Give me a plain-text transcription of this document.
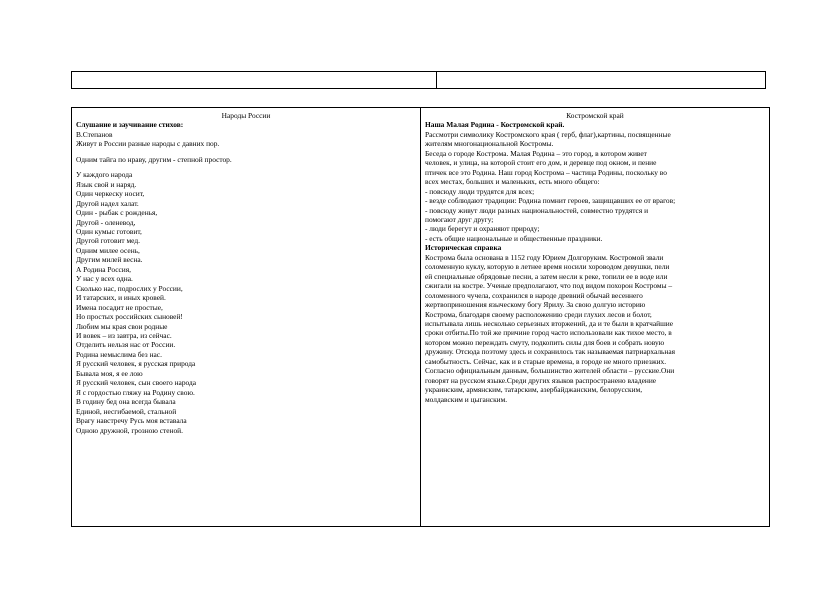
Народы России
Слушание и заучивание стихов:
В.Степанов
Живут в России разные народы с давних пор.
Одним тайга по нраву, другим - степной простор.
У каждого народа
Язык свой и наряд.
Один черкеску носит,
Другой надел халат.
Один - рыбак с рожденья,
Другой - оленевод,
Один кумыс готовит,
Другой готовит мед.
Одним милее осень,
Другим милей весна.
А Родина Россия,
У нас у всех одна.
Сколько нас, подрослих у России,
И татарских, и иных кровей.
Имена посадит не простые,
Но простых российских сыновей!
Любим мы края свои родные
И вовек – из завтра, из сейчас.
Отделить нельзя нас от России.
Родина немыслима без нас.
Я русский человек, я русская природа
Бывала моя, я ее лою
Я русский человек, сын своего народа
Я с гордостью гляжу на Родину свою.
В годину бед она всегда бывала
Единой, несгибаемой, стальной
Врагу навстречу Русь моя вставала
Одною дружной, грозною стеной.
Костромской край
Наша Малая Родина - Костромской край.
Рассмотри символику Костромского края ( герб, флаг),картины, посвященные
жителям многонациональной Костромы.
Беседа о городе Кострома. Малая Родина – это город, в котором живет
человек, и улица, на которой стоит его дом, и деревце под окном, и пение
птичек все это Родина. Наш город Кострома – частица Родины, поскольку во
всех местах, больших и маленьких, есть много общего:
- повсюду люди трудятся для всех;
- везде соблюдают традиции: Родина помнит героев, защищавших ее от врагов;
- повсюду живут люди разных национальностей, совместно трудятся и
помогают друг другу;
- люди берегут и охраняют природу;
- есть общие национальные и общественные праздники.
Историческая справка
Кострома была основана в 1152 году Юрием Долгоруким. Костромой звали
соломенную куклу, которую в летнее время носили хороводом девушки, пели
ей специальные обрядовые песни, а затем несли к реке, топили ее в воде или
сжигали на костре. Ученые предполагают, что под видом похорон Костромы –
соломенного чучела, сохранился в народе древний обычай весеннего
жертвоприношения языческому богу Ярилу. За свою долгую историю
Кострома, благодаря своему расположению среди глухих лесов и болот,
испытывала лишь несколько серьезных вторжений, да и те были в кратчайшие
сроки отбиты.По той же причине город часто использовали как тихое место, в
котором можно переждать смуту, подкопить силы для боев и собрать новую
дружину. Отсюда поэтому здесь и сохранилось так называемая патриархальная
самобытность. Сейчас, как и в старые времена, в городе не много приезжих.
Согласно официальным данным, большинство жителей области – русские.Они
говорят на русском языке.Среди других языков распространено владение
украинским, армянским, татарским, азербайджанским, белорусским,
молдавским и цыганским.
